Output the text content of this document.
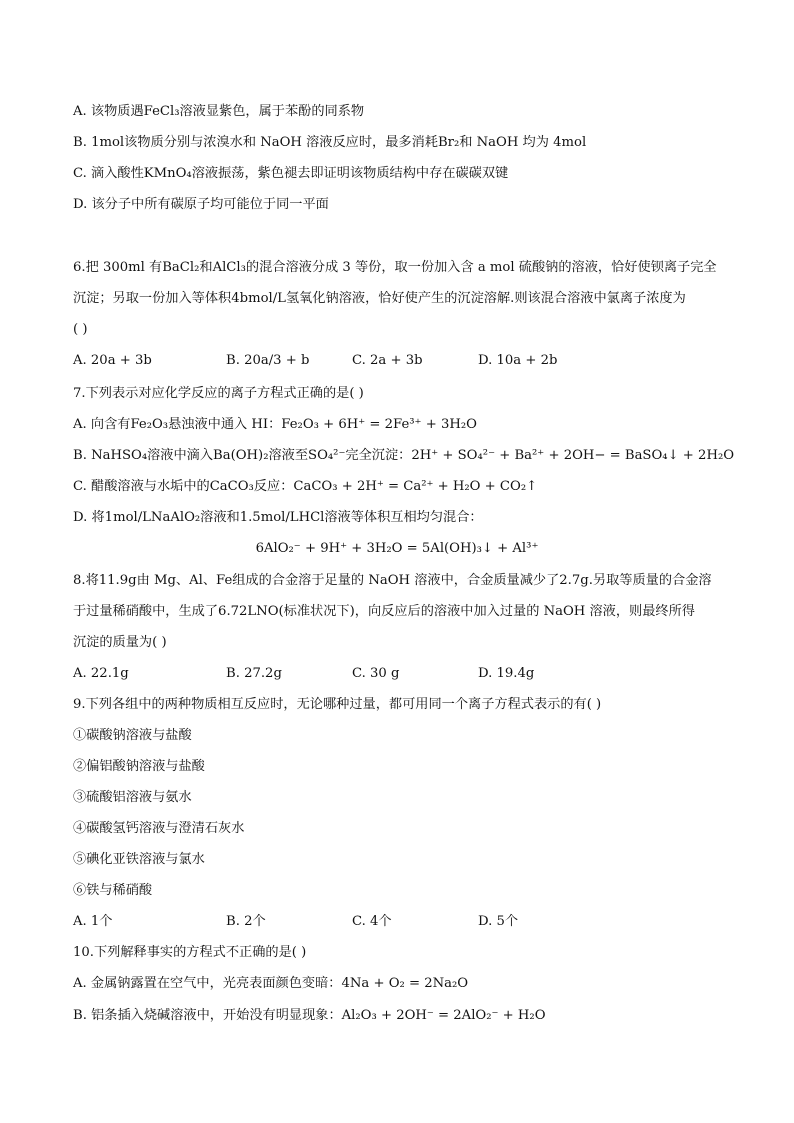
A. 该物质遇FeCl₃溶液显紫色，属于苯酚的同系物
B. 1mol该物质分别与浓溴水和 NaOH 溶液反应时，最多消耗Br₂和 NaOH 均为 4mol
C. 滴入酸性KMnO₄溶液振荡，紫色褪去即证明该物质结构中存在碳碳双键
D. 该分子中所有碳原子均可能位于同一平面
6.把 300ml 有BaCl₂和AlCl₃的混合溶液分成 3 等份，取一份加入含 a mol 硫酸钠的溶液，恰好使钡离子完全
沉淀；另取一份加入等体积4bmol/L氢氧化钠溶液，恰好使产生的沉淀溶解.则该混合溶液中氯离子浓度为
( )
A. 20a + 3b	B. 20a/3 + b	C. 2a + 3b	D. 10a + 2b
7.下列表示对应化学反应的离子方程式正确的是( )
A. 向含有Fe₂O₃悬浊液中通入 HI：Fe₂O₃ + 6H⁺ = 2Fe³⁺ + 3H₂O
B. NaHSO₄溶液中滴入Ba(OH)₂溶液至SO₄²⁻完全沉淀：2H⁺ + SO₄²⁻ + Ba²⁺ + 2OH− = BaSO₄↓ + 2H₂O
C. 醋酸溶液与水垢中的CaCO₃反应：CaCO₃ + 2H⁺ = Ca²⁺ + H₂O + CO₂↑
D. 将1mol/LNaAlO₂溶液和1.5mol/LHCl溶液等体积互相均匀混合：
6AlO₂⁻ + 9H⁺ + 3H₂O = 5Al(OH)₃↓ + Al³⁺
8.将11.9g由 Mg、Al、Fe组成的合金溶于足量的 NaOH 溶液中，合金质量减少了2.7g.另取等质量的合金溶
于过量稀硝酸中，生成了6.72LNO(标准状况下)，向反应后的溶液中加入过量的 NaOH 溶液，则最终所得
沉淀的质量为( )
A. 22.1g	B. 27.2g	C. 30 g	D. 19.4g
9.下列各组中的两种物质相互反应时，无论哪种过量，都可用同一个离子方程式表示的有( )
①碳酸钠溶液与盐酸
②偏铝酸钠溶液与盐酸
③硫酸铝溶液与氨水
④碳酸氢钙溶液与澄清石灰水
⑤碘化亚铁溶液与氯水
⑥铁与稀硝酸
A. 1个	B. 2个	C. 4个	D. 5个
10.下列解释事实的方程式不正确的是( )
A. 金属钠露置在空气中，光亮表面颜色变暗：4Na + O₂ = 2Na₂O
B. 铝条插入烧碱溶液中，开始没有明显现象：Al₂O₃ + 2OH⁻ = 2AlO₂⁻ + H₂O
